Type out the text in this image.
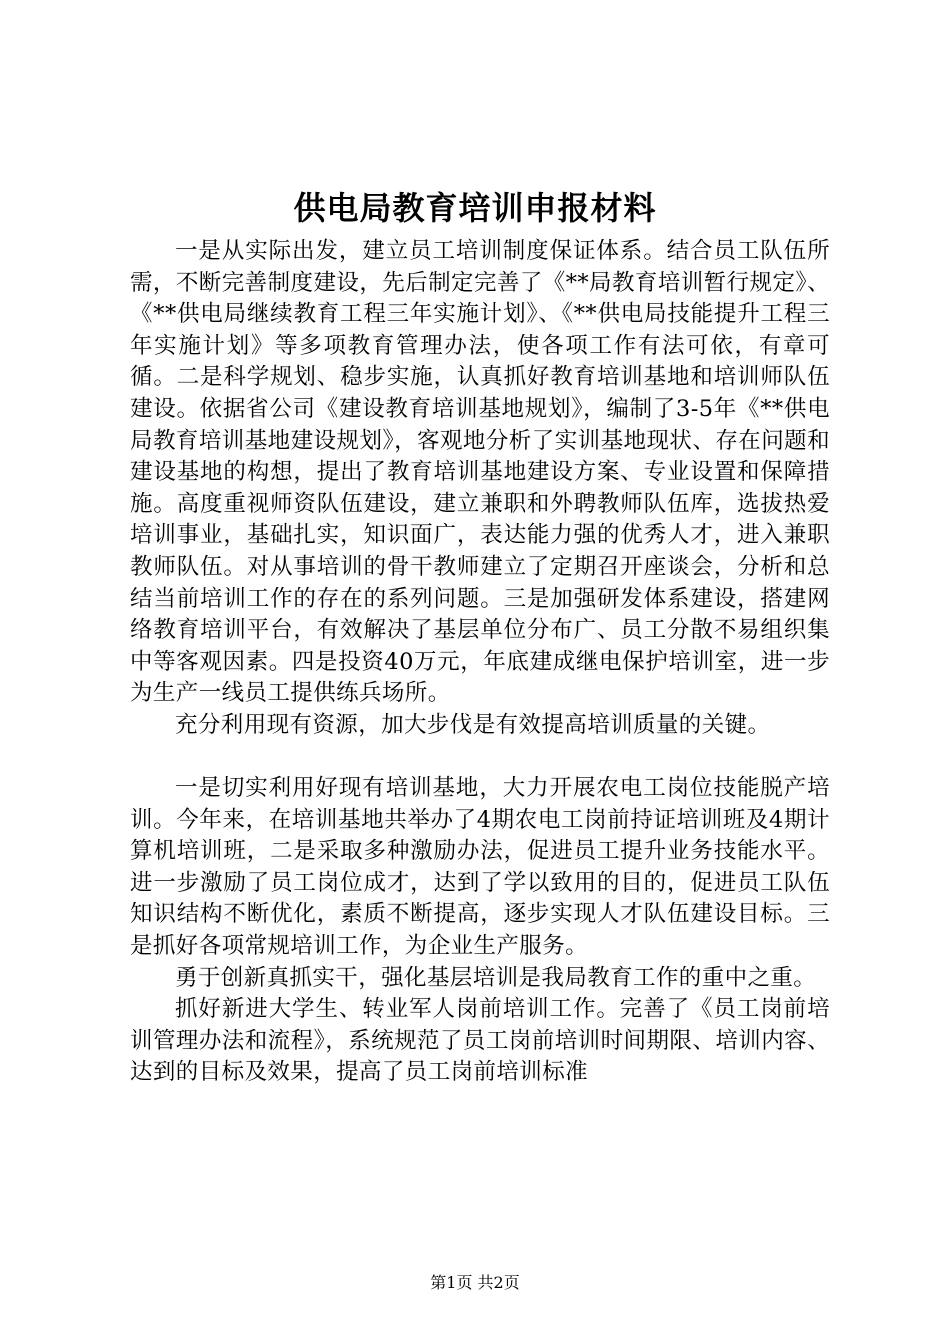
供电局教育培训申报材料

一是从实际出发，建立员工培训制度保证体系。结合员工队伍所需，不断完善制度建设，先后制定完善了《**局教育培训暂行规定》、《**供电局继续教育工程三年实施计划》、《**供电局技能提升工程三年实施计划》等多项教育管理办法，使各项工作有法可依，有章可循。二是科学规划、稳步实施，认真抓好教育培训基地和培训师队伍建设。依据省公司《建设教育培训基地规划》，编制了3-5年《**供电局教育培训基地建设规划》，客观地分析了实训基地现状、存在问题和建设基地的构想，提出了教育培训基地建设方案、专业设置和保障措施。高度重视师资队伍建设，建立兼职和外聘教师队伍库，选拔热爱培训事业，基础扎实，知识面广，表达能力强的优秀人才，进入兼职教师队伍。对从事培训的骨干教师建立了定期召开座谈会，分析和总结当前培训工作的存在的系列问题。三是加强研发体系建设，搭建网络教育培训平台，有效解决了基层单位分布广、员工分散不易组织集中等客观因素。四是投资40万元，年底建成继电保护培训室，进一步为生产一线员工提供练兵场所。

充分利用现有资源，加大步伐是有效提高培训质量的关键。

一是切实利用好现有培训基地，大力开展农电工岗位技能脱产培训。今年来，在培训基地共举办了4期农电工岗前持证培训班及4期计算机培训班，二是采取多种激励办法，促进员工提升业务技能水平。进一步激励了员工岗位成才，达到了学以致用的目的，促进员工队伍知识结构不断优化，素质不断提高，逐步实现人才队伍建设目标。三是抓好各项常规培训工作，为企业生产服务。

勇于创新真抓实干，强化基层培训是我局教育工作的重中之重。

抓好新进大学生、转业军人岗前培训工作。完善了《员工岗前培训管理办法和流程》，系统规范了员工岗前培训时间期限、培训内容、达到的目标及效果，提高了员工岗前培训标准

第1页 共2页
